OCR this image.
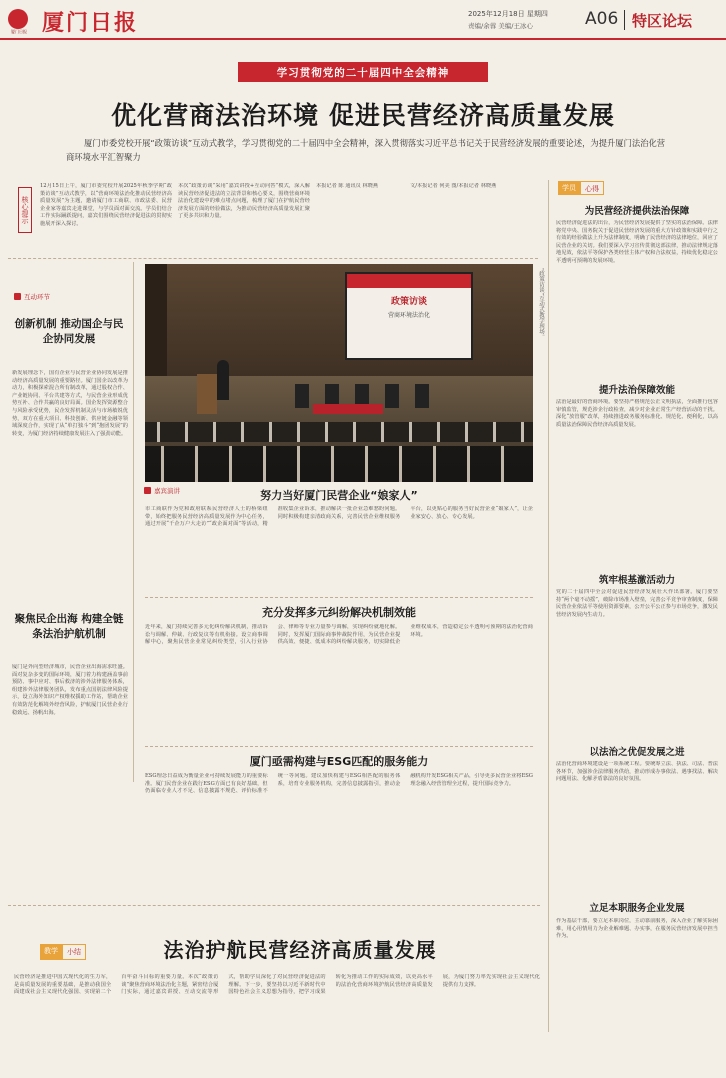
厦门日报 厦门日报	2025年12月18日 星期四
责编/余蓉 美编/王冰心	A06 特区论坛
学习贯彻党的二十届四中全会精神
优化营商法治环境 促进民营经济高质量发展
厦门市委党校开展“政策访谈”互动式教学，学习贯彻党的二十届四中全会精神，深入贯彻落实习近平总书记关于民营经济发展的重要论述，为提升厦门法治化营商环境水平汇智聚力
核心提示
12月15日上午，厦门市委党校开展2025年秋季学期“政策访谈”互动式教学，以“营商环境法治化推动民营经济高质量发展”为主题，邀请厦门市工商联、市政法委、民营企业家等嘉宾走进课堂，与学员面对面交流。学员们结合工作实际踊跃提问，嘉宾们围绕民营经济促进法的贯彻实施展开深入探讨。
本次“政策访谈”采用“嘉宾讲授+互动问答”模式，深入解读民营经济促进法的立法背景和核心要义，围绕营商环境法治化建设中的难点堵点问题，梳理了厦门在护航民营经济发展方面的经验做法，为推动民营经济高质量发展汇聚了更多共识和力量。
本报记者 陈 通讯员 林晓燕	文/本报记者 何美 图/本报记者 林晓燕	学员	心得
互动环节
创新机制 推动国企与民企协同发展
新发展理念下，国有企业与民营企业协同发展是推动经济高质量发展的重要路径。厦门国企以改革为动力，积极探索混合所有制改革，通过股权合作、产业链协同、平台共建等方式，与民营企业形成优势互补、合作共赢的良好局面。国企发挥资源整合与风险承受优势，民企发挥机制灵活与市场敏锐优势，双方在重大项目、科技创新、供应链金融等领域深度合作，实现了从“单打独斗”到“抱团发展”的转变，为厦门经济持续健康发展注入了强劲动能。
聚焦民企出海 构建全链条法治护航机制
厦门是外向型经济城市，民营企业出海需求旺盛。面对复杂多变的国际环境，厦门着力构建涵盖事前预防、事中应对、事后救济的涉外法律服务体系，组建涉外法律服务团队，发布重点国别法律风险提示，设立海外知识产权维权援助工作站，帮助企业有效防范化解境外经营风险，护航厦门民营企业行稳致远、扬帆出海。
政策访谈
营商环境法治化	“政策访谈”互动式教学现场。
嘉宾演讲	努力当好厦门民营企业“娘家人”
市工商联作为党和政府联系民营经济人士的桥梁纽带，始终把服务民营经济高质量发展作为中心任务，通过开展“千企万户大走访”“政企面对面”等活动，精准收集企业诉求，推动解决一批企业急难愁盼问题。同时积极构建亲清政商关系，完善民营企业维权服务平台，以更贴心的服务当好民营企业“娘家人”，让企业家安心、放心、专心发展。
充分发挥多元纠纷解决机制效能
近年来，厦门持续完善多元化纠纷解决机制，推动诉讼与调解、仲裁、行政复议等有机衔接。设立商事调解中心，聚焦民营企业常见纠纷类型，引入行业协会、律师等专业力量参与调解，实现纠纷就地化解。同时，发挥厦门国际商事仲裁院作用，为民营企业提供高效、便捷、低成本的纠纷解决服务，切实降低企业维权成本，营造稳定公平透明可预期的法治化营商环境。
厦门亟需构建与ESG匹配的服务能力
ESG理念日益成为衡量企业可持续发展能力的重要标准。厦门民营企业在践行ESG方面已有良好基础，但仍面临专业人才不足、信息披露不规范、评价标准不统一等问题。建议加快构建与ESG相匹配的服务体系，培育专业服务机构，完善信息披露指引，推动金融机构开发ESG相关产品，引导更多民营企业将ESG理念融入经营管理全过程，提升国际竞争力。
为民营经济提供法治保障
民营经济促进法的出台，为民营经济发展提供了坚实的法治保障。法律将党中央、国务院关于促进民营经济发展的重大方针政策和实践中行之有效的经验做法上升为法律制度，明确了民营经济的法律地位，回应了民营企业的关切。我们要深入学习宣传贯彻这部法律，推动法律规定落地见效，依法平等保护各类经营主体产权和合法权益，持续优化稳定公平透明可预期的发展环境。
提升法治保障效能
法治是最好的营商环境。要坚持严格规范公正文明执法，全面推行包容审慎监管，规范涉企行政检查，减少对企业正常生产经营活动的干扰。深化“放管服”改革，持续推进政务服务标准化、规范化、便利化，以高质量法治保障民营经济高质量发展。
筑牢根基激活动力
党的二十届四中全会对促进民营经济发展壮大作出部署。厦门要坚持“两个毫不动摇”，破除市场准入壁垒，完善公平竞争审查制度，保障民营企业依法平等使用资源要素，公开公平公正参与市场竞争，激发民营经济发展内生动力。
以法治之优促发展之进
法治化营商环境建设是一项系统工程。要统筹立法、执法、司法、普法各环节，加强涉企法律服务供给，推动形成办事依法、遇事找法、解决问题用法、化解矛盾靠法的良好氛围。
立足本职服务企业发展
作为基层干部，要立足本职岗位，主动靠前服务，深入企业了解实际困难，用心用情用力为企业解难题、办实事，在服务民营经济发展中担当作为。
教学	小结	法治护航民营经济高质量发展
民营经济是推进中国式现代化的生力军，是高质量发展的重要基础，是推动我国全面建成社会主义现代化强国、实现第二个百年奋斗目标的重要力量。本次“政策访谈”聚焦营商环境法治化主题，紧密结合厦门实际，通过嘉宾讲授、互动交流等形式，帮助学员深化了对民营经济促进法的理解。下一步，要坚持以习近平新时代中国特色社会主义思想为指导，把学习成果转化为推动工作的实际成效，以更高水平的法治化营商环境护航民营经济高质量发展，为厦门努力率先实现社会主义现代化提供有力支撑。
